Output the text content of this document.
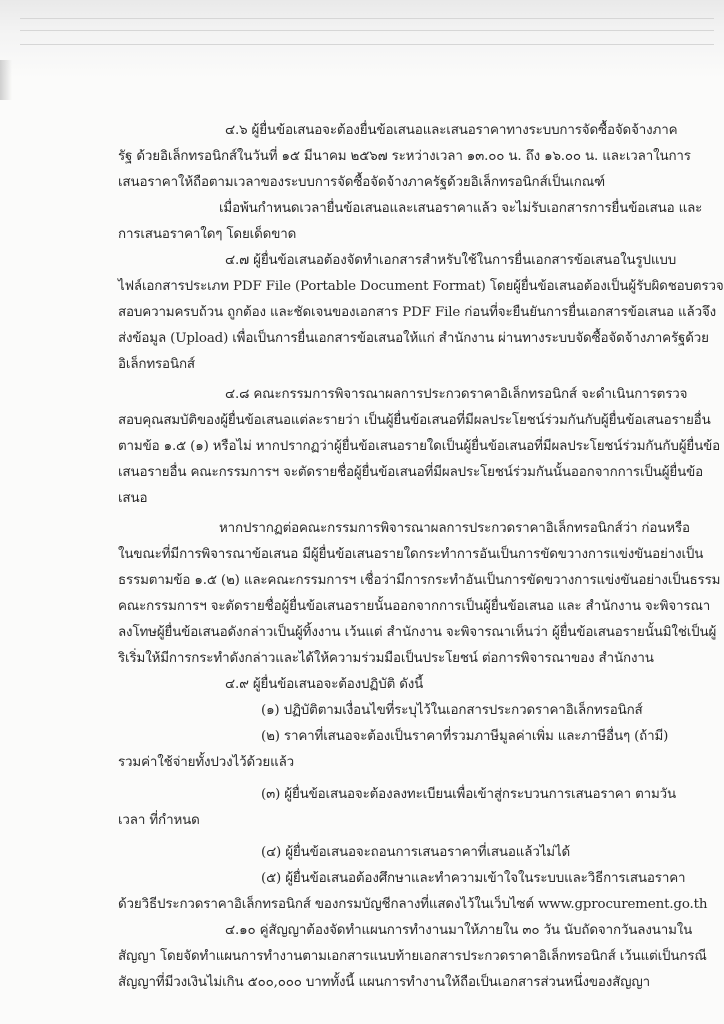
๔.๖ ผู้ยื่นข้อเสนอจะต้องยื่นข้อเสนอและเสนอราคาทางระบบการจัดซื้อจัดจ้างภาค
รัฐ ด้วยอิเล็กทรอนิกส์ในวันที่ ๑๕ มีนาคม ๒๕๖๗ ระหว่างเวลา ๑๓.๐๐ น. ถึง ๑๖.๐๐ น. และเวลาในการ
เสนอราคาให้ถือตามเวลาของระบบการจัดซื้อจัดจ้างภาครัฐด้วยอิเล็กทรอนิกส์เป็นเกณฑ์
เมื่อพ้นกำหนดเวลายื่นข้อเสนอและเสนอราคาแล้ว จะไม่รับเอกสารการยื่นข้อเสนอ และ
การเสนอราคาใดๆ โดยเด็ดขาด
๔.๗ ผู้ยื่นข้อเสนอต้องจัดทำเอกสารสำหรับใช้ในการยื่นเอกสารข้อเสนอในรูปแบบ
ไฟล์เอกสารประเภท PDF File (Portable Document Format) โดยผู้ยื่นข้อเสนอต้องเป็นผู้รับผิดชอบตรวจ
สอบความครบถ้วน ถูกต้อง และชัดเจนของเอกสาร PDF File ก่อนที่จะยืนยันการยื่นเอกสารข้อเสนอ แล้วจึง
ส่งข้อมูล (Upload) เพื่อเป็นการยื่นเอกสารข้อเสนอให้แก่ สำนักงาน ผ่านทางระบบจัดซื้อจัดจ้างภาครัฐด้วย
อิเล็กทรอนิกส์
๔.๘ คณะกรรมการพิจารณาผลการประกวดราคาอิเล็กทรอนิกส์ จะดำเนินการตรวจ
สอบคุณสมบัติของผู้ยื่นข้อเสนอแต่ละรายว่า เป็นผู้ยื่นข้อเสนอที่มีผลประโยชน์ร่วมกันกับผู้ยื่นข้อเสนอรายอื่น
ตามข้อ ๑.๕ (๑) หรือไม่ หากปรากฏว่าผู้ยื่นข้อเสนอรายใดเป็นผู้ยื่นข้อเสนอที่มีผลประโยชน์ร่วมกันกับผู้ยื่นข้อ
เสนอรายอื่น คณะกรรมการฯ จะตัดรายชื่อผู้ยื่นข้อเสนอที่มีผลประโยชน์ร่วมกันนั้นออกจากการเป็นผู้ยื่นข้อ
เสนอ
หากปรากฏต่อคณะกรรมการพิจารณาผลการประกวดราคาอิเล็กทรอนิกส์ว่า ก่อนหรือ
ในขณะที่มีการพิจารณาข้อเสนอ มีผู้ยื่นข้อเสนอรายใดกระทำการอันเป็นการขัดขวางการแข่งขันอย่างเป็น
ธรรมตามข้อ ๑.๕ (๒) และคณะกรรมการฯ เชื่อว่ามีการกระทำอันเป็นการขัดขวางการแข่งขันอย่างเป็นธรรม
คณะกรรมการฯ จะตัดรายชื่อผู้ยื่นข้อเสนอรายนั้นออกจากการเป็นผู้ยื่นข้อเสนอ และ สำนักงาน จะพิจารณา
ลงโทษผู้ยื่นข้อเสนอดังกล่าวเป็นผู้ทิ้งงาน เว้นแต่ สำนักงาน จะพิจารณาเห็นว่า ผู้ยื่นข้อเสนอรายนั้นมิใช่เป็นผู้
ริเริ่มให้มีการกระทำดังกล่าวและได้ให้ความร่วมมือเป็นประโยชน์ ต่อการพิจารณาของ สำนักงาน
๔.๙ ผู้ยื่นข้อเสนอจะต้องปฏิบัติ ดังนี้
(๑) ปฏิบัติตามเงื่อนไขที่ระบุไว้ในเอกสารประกวดราคาอิเล็กทรอนิกส์
(๒) ราคาที่เสนอจะต้องเป็นราคาที่รวมภาษีมูลค่าเพิ่ม และภาษีอื่นๆ (ถ้ามี)
รวมค่าใช้จ่ายทั้งปวงไว้ด้วยแล้ว
(๓) ผู้ยื่นข้อเสนอจะต้องลงทะเบียนเพื่อเข้าสู่กระบวนการเสนอราคา ตามวัน
เวลา ที่กำหนด
(๔) ผู้ยื่นข้อเสนอจะถอนการเสนอราคาที่เสนอแล้วไม่ได้
(๕) ผู้ยื่นข้อเสนอต้องศึกษาและทำความเข้าใจในระบบและวิธีการเสนอราคา
ด้วยวิธีประกวดราคาอิเล็กทรอนิกส์ ของกรมบัญชีกลางที่แสดงไว้ในเว็บไซต์ www.gprocurement.go.th
๔.๑๐ คู่สัญญาต้องจัดทำแผนการทำงานมาให้ภายใน ๓๐ วัน นับถัดจากวันลงนามใน
สัญญา โดยจัดทำแผนการทำงานตามเอกสารแนบท้ายเอกสารประกวดราคาอิเล็กทรอนิกส์ เว้นแต่เป็นกรณี
สัญญาที่มีวงเงินไม่เกิน ๕๐๐,๐๐๐ บาททั้งนี้ แผนการทำงานให้ถือเป็นเอกสารส่วนหนึ่งของสัญญา
